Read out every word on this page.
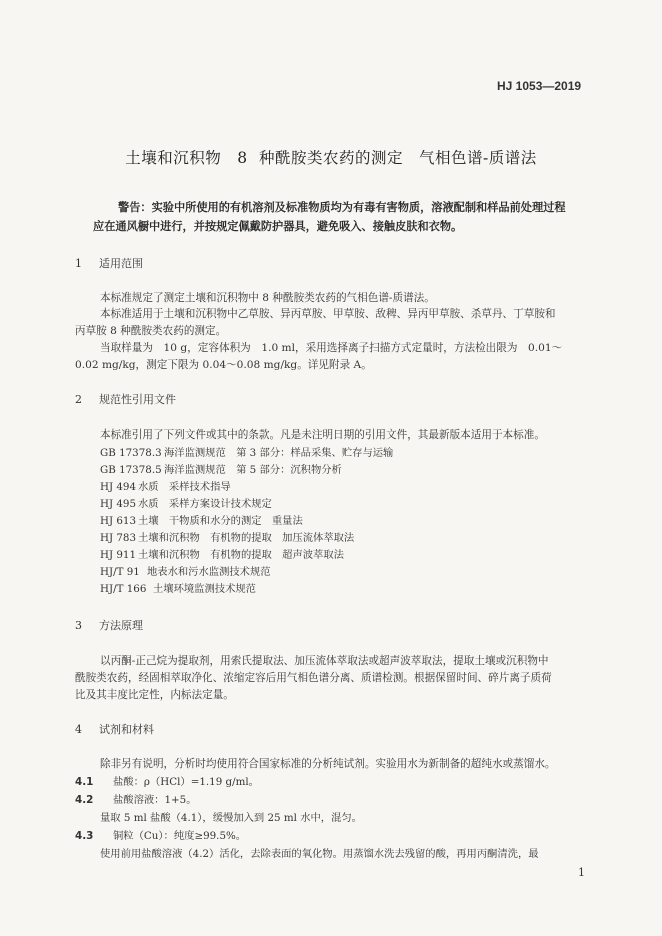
HJ 1053—2019
土壤和沉积物　8 种酰胺类农药的测定　气相色谱-质谱法
警告：实验中所使用的有机溶剂及标准物质均为有毒有害物质，溶液配制和样品前处理过程
应在通风橱中进行，并按规定佩戴防护器具，避免吸入、接触皮肤和衣物。
1 适用范围
本标准规定了测定土壤和沉积物中 8 种酰胺类农药的气相色谱-质谱法。
本标准适用于土壤和沉积物中乙草胺、异丙草胺、甲草胺、敌稗、异丙甲草胺、杀草丹、丁草胺和
丙草胺 8 种酰胺类农药的测定。
当取样量为　10 g，定容体积为　1.0 ml，采用选择离子扫描方式定量时，方法检出限为　0.01～
0.02 mg/kg，测定下限为 0.04～0.08 mg/kg。详见附录 A。
2 规范性引用文件
本标准引用了下列文件或其中的条款。凡是未注明日期的引用文件，其最新版本适用于本标准。
GB 17378.3 海洋监测规范　第 3 部分：样品采集、贮存与运输
GB 17378.5 海洋监测规范　第 5 部分：沉积物分析
HJ 494 水质　采样技术指导
HJ 495 水质　采样方案设计技术规定
HJ 613 土壤　干物质和水分的测定　重量法
HJ 783 土壤和沉积物　有机物的提取　加压流体萃取法
HJ 911 土壤和沉积物　有机物的提取　超声波萃取法
HJ/T 91 地表水和污水监测技术规范
HJ/T 166 土壤环境监测技术规范
3 方法原理
以丙酮-正己烷为提取剂，用索氏提取法、加压流体萃取法或超声波萃取法，提取土壤或沉积物中
酰胺类农药，经固相萃取净化、浓缩定容后用气相色谱分离、质谱检测。根据保留时间、碎片离子质荷
比及其丰度比定性，内标法定量。
4 试剂和材料
除非另有说明，分析时均使用符合国家标准的分析纯试剂。实验用水为新制备的超纯水或蒸馏水。
4.1 盐酸：ρ（HCl）=1.19 g/ml。
4.2 盐酸溶液：1+5。
量取 5 ml 盐酸（4.1），缓慢加入到 25 ml 水中，混匀。
4.3 铜粒（Cu）：纯度≥99.5%。
使用前用盐酸溶液（4.2）活化，去除表面的氧化物。用蒸馏水洗去残留的酸，再用丙酮清洗，最
1
